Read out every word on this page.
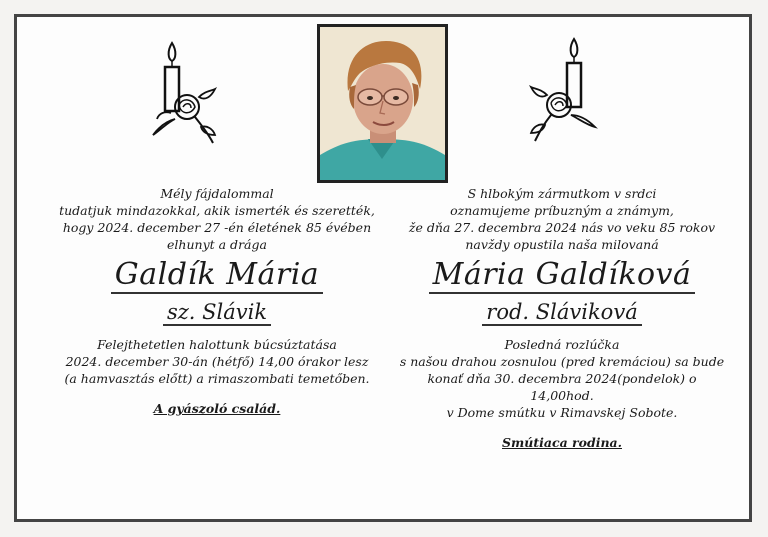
Mély fájdalommal
tudatjuk mindazokkal, akik ismerték és szerették,
hogy 2024. december 27 -én életének 85 évében
elhunyt a drága
Galdík Mária
sz. Slávik
Felejthetetlen halottunk búcsúztatása
2024. december 30-án (hétfő) 14,00 órakor lesz
(a hamvasztás előtt) a rimaszombati temetőben.
A gyászoló család.
S hlbokým zármutkom v srdci
oznamujeme príbuzným a známym,
že dňa 27. decembra 2024 nás vo veku 85 rokov
navždy opustila naša milovaná
Mária Galdíková
rod. Sláviková
Posledná rozlúčka
s našou drahou zosnulou (pred kremáciou) sa bude
konať dňa 30. decembra 2024(pondelok) o 14,00hod.
v Dome smútku v Rimavskej Sobote.
Smútiaca rodina.
